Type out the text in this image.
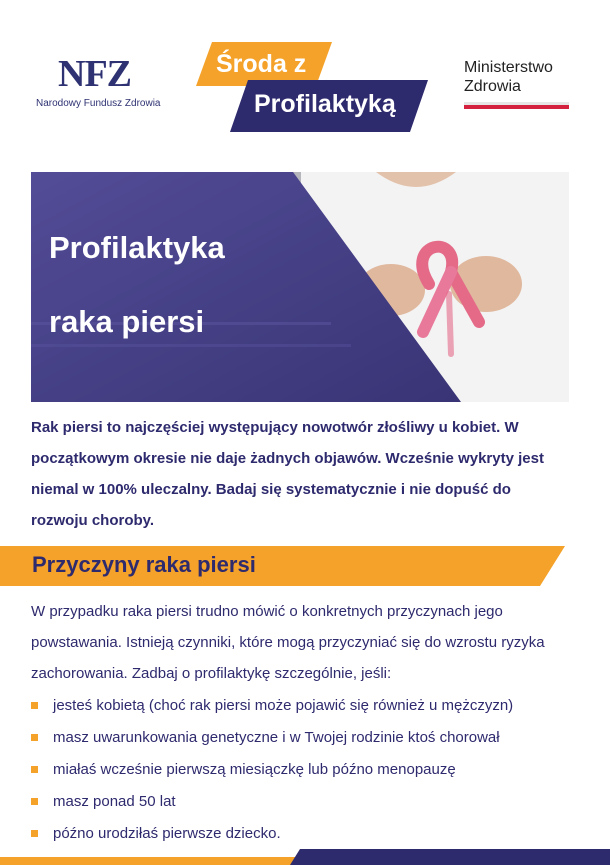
NFZ
Narodowy Fundusz Zdrowia
Środa z
Profilaktyką
Ministerstwo
Zdrowia
Profilaktyka
raka piersi

Rak piersi to najczęściej występujący nowotwór złośliwy u kobiet. W początkowym okresie nie daje żadnych objawów. Wcześnie wykryty jest niemal w 100% uleczalny. Badaj się systematycznie i nie dopuść do rozwoju choroby.

Przyczyny raka piersi

W przypadku raka piersi trudno mówić o konkretnych przyczynach jego powstawania. Istnieją czynniki, które mogą przyczyniać się do wzrostu ryzyka zachorowania. Zadbaj o profilaktykę szczególnie, jeśli:

jesteś kobietą (choć rak piersi może pojawić się również u mężczyzn)
masz uwarunkowania genetyczne i w Twojej rodzinie ktoś chorował
miałaś wcześnie pierwszą miesiączkę lub późno menopauzę
masz ponad 50 lat
późno urodziłaś pierwsze dziecko.
